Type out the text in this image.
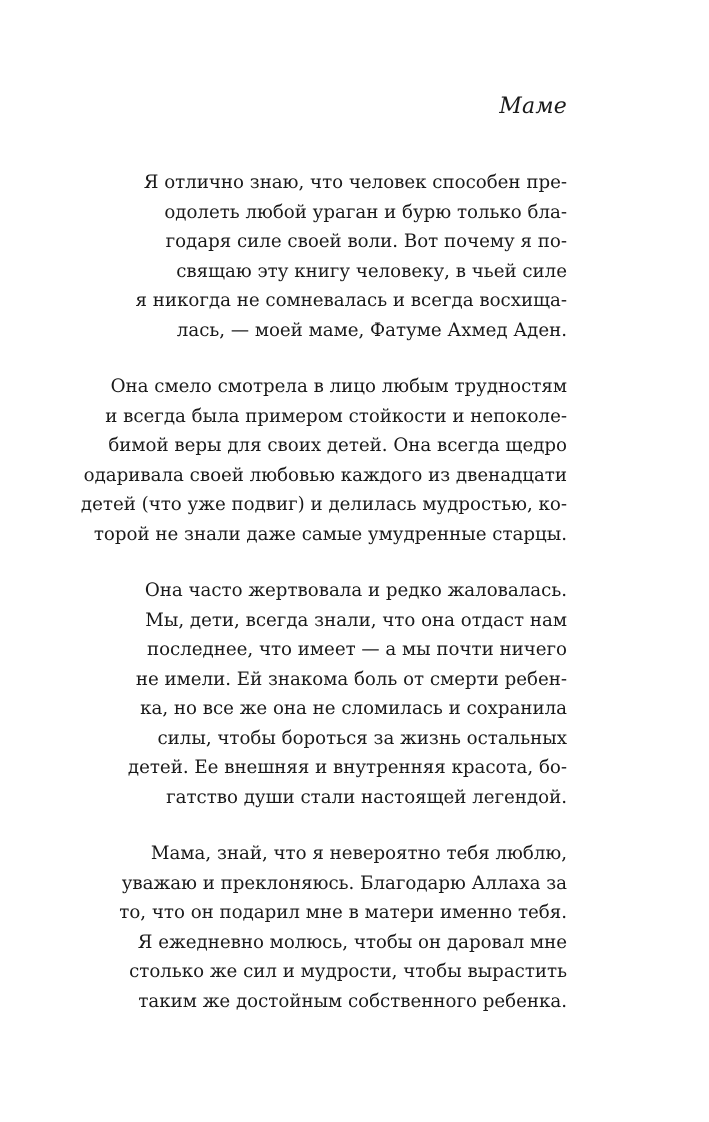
Маме

Я отлично знаю, что человек способен пре-
одолеть любой ураган и бурю только бла-
годаря силе своей воли. Вот почему я по-
свящаю эту книгу человеку, в чьей силе
я никогда не сомневалась и всегда восхища-
лась, — моей маме, Фатуме Ахмед Аден.

Она смело смотрела в лицо любым трудностям
и всегда была примером стойкости и непоколе-
бимой веры для своих детей. Она всегда щедро
одаривала своей любовью каждого из двенадцати
детей (что уже подвиг) и делилась мудростью, ко-
торой не знали даже самые умудренные старцы.

Она часто жертвовала и редко жаловалась.
Мы, дети, всегда знали, что она отдаст нам
последнее, что имеет — а мы почти ничего
не имели. Ей знакома боль от смерти ребен-
ка, но все же она не сломилась и сохранила
силы, чтобы бороться за жизнь остальных
детей. Ее внешняя и внутренняя красота, бо-
гатство души стали настоящей легендой.

Мама, знай, что я невероятно тебя люблю,
уважаю и преклоняюсь. Благодарю Аллаха за
то, что он подарил мне в матери именно тебя.
Я ежедневно молюсь, чтобы он даровал мне
столько же сил и мудрости, чтобы вырастить
таким же достойным собственного ребенка.
